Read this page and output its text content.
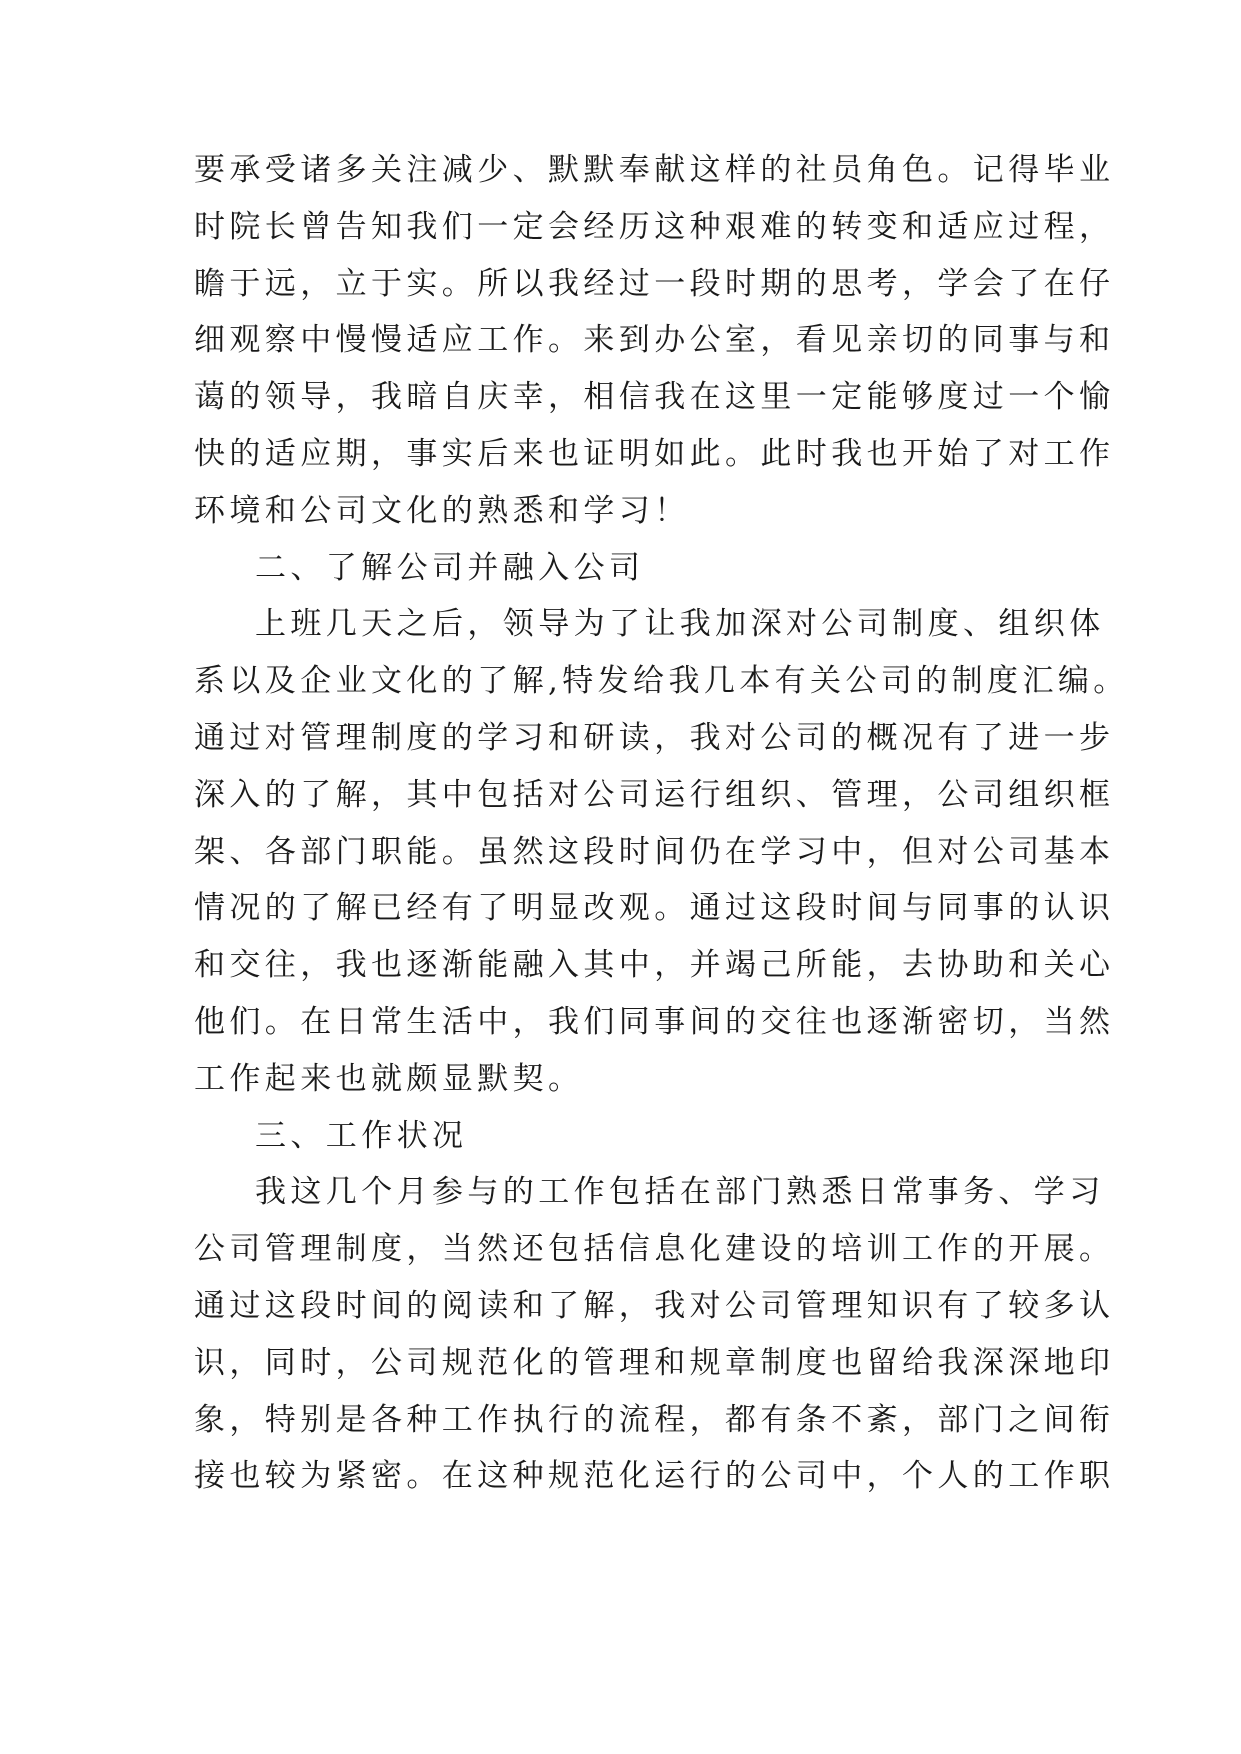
要承受诸多关注减少、默默奉献这样的社员角色。记得毕业
时院长曾告知我们一定会经历这种艰难的转变和适应过程，
瞻于远，立于实。所以我经过一段时期的思考，学会了在仔
细观察中慢慢适应工作。来到办公室，看见亲切的同事与和
蔼的领导，我暗自庆幸，相信我在这里一定能够度过一个愉
快的适应期，事实后来也证明如此。此时我也开始了对工作
环境和公司文化的熟悉和学习！
二、了解公司并融入公司
上班几天之后，领导为了让我加深对公司制度、组织体
系以及企业文化的了解,特发给我几本有关公司的制度汇编。
通过对管理制度的学习和研读，我对公司的概况有了进一步
深入的了解，其中包括对公司运行组织、管理，公司组织框
架、各部门职能。虽然这段时间仍在学习中，但对公司基本
情况的了解已经有了明显改观。通过这段时间与同事的认识
和交往，我也逐渐能融入其中，并竭己所能，去协助和关心
他们。在日常生活中，我们同事间的交往也逐渐密切，当然
工作起来也就颇显默契。
三、工作状况
我这几个月参与的工作包括在部门熟悉日常事务、学习
公司管理制度，当然还包括信息化建设的培训工作的开展。
通过这段时间的阅读和了解，我对公司管理知识有了较多认
识，同时，公司规范化的管理和规章制度也留给我深深地印
象，特别是各种工作执行的流程，都有条不紊，部门之间衔
接也较为紧密。在这种规范化运行的公司中，个人的工作职
